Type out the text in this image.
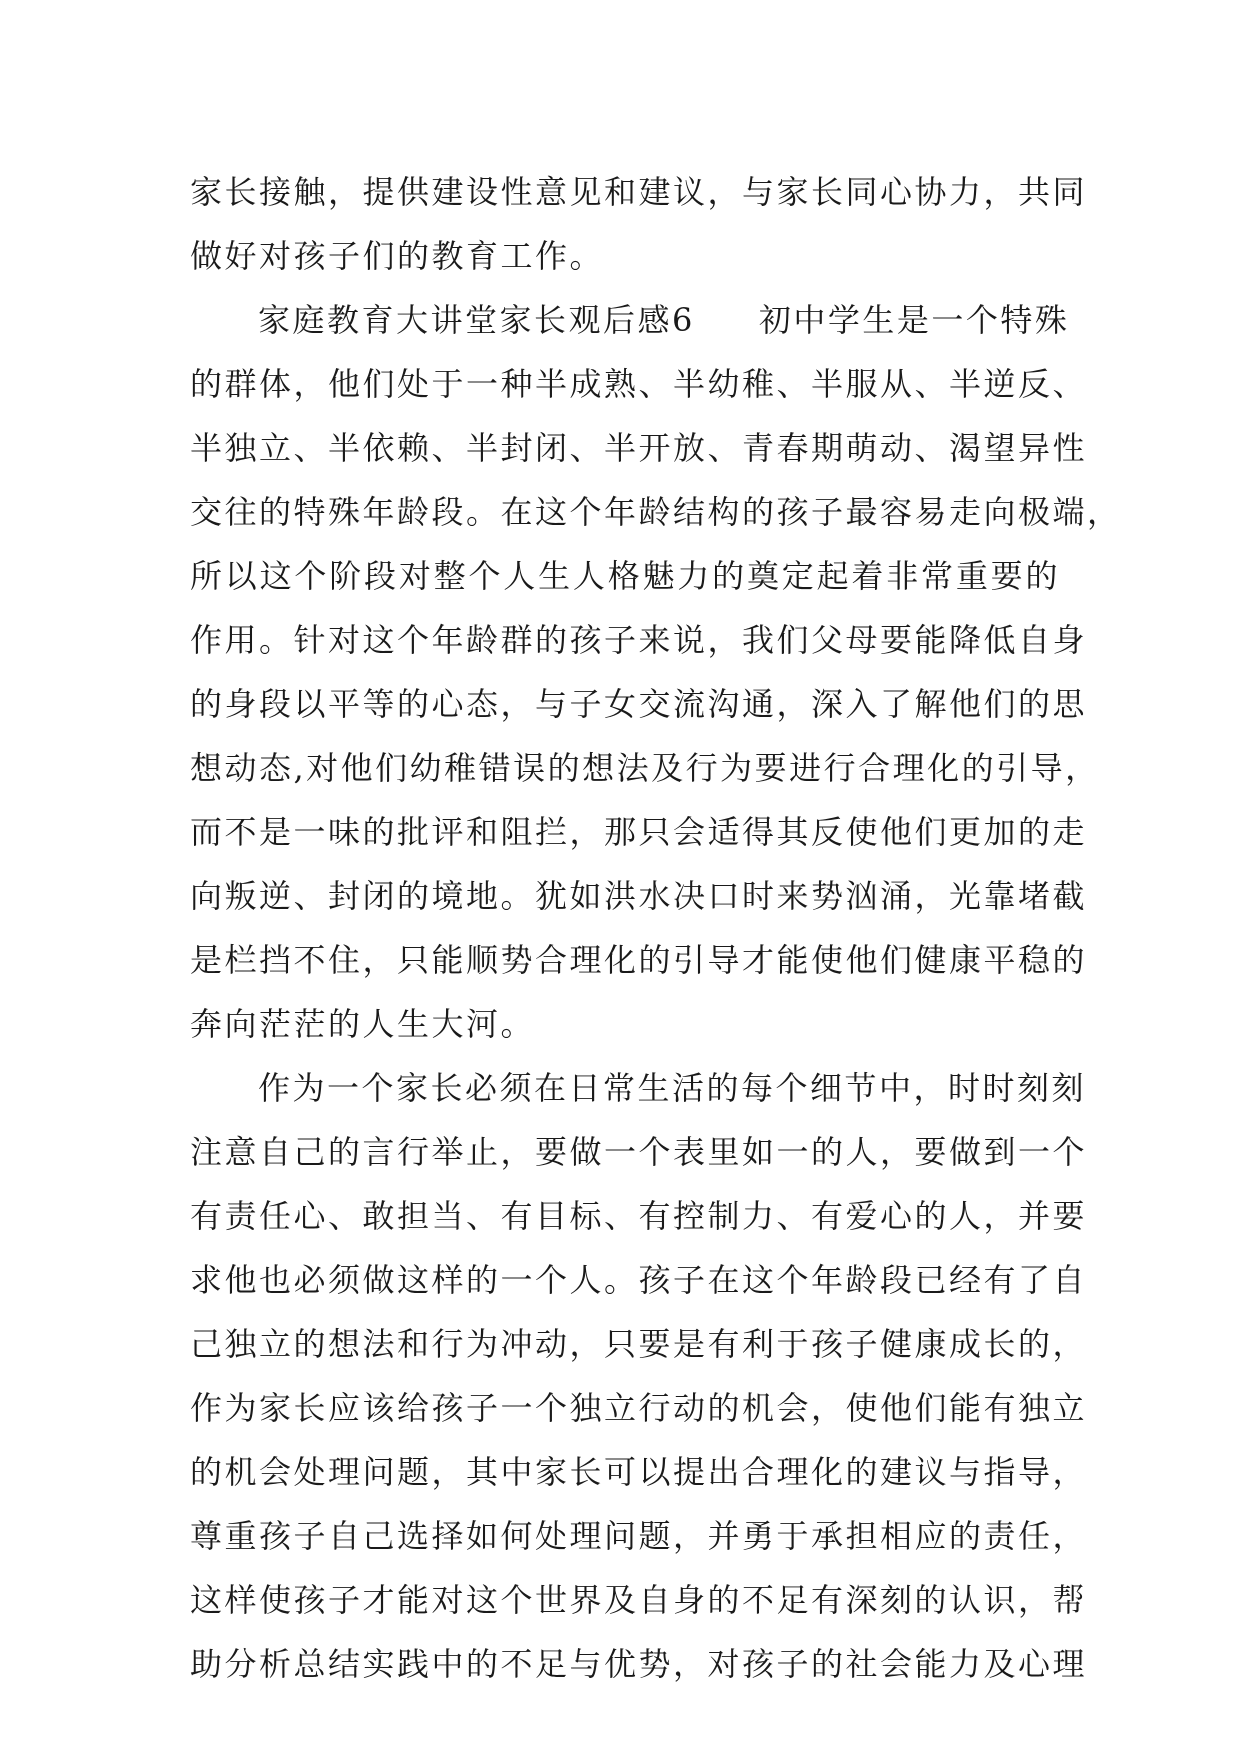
家长接触，提供建设性意见和建议，与家长同心协力，共同
做好对孩子们的教育工作。
家庭教育大讲堂家长观后感6 初中学生是一个特殊
的群体，他们处于一种半成熟、半幼稚、半服从、半逆反、
半独立、半依赖、半封闭、半开放、青春期萌动、渴望异性
交往的特殊年龄段。在这个年龄结构的孩子最容易走向极端，
所以这个阶段对整个人生人格魅力的奠定起着非常重要的
作用。针对这个年龄群的孩子来说，我们父母要能降低自身
的身段以平等的心态，与子女交流沟通，深入了解他们的思
想动态,对他们幼稚错误的想法及行为要进行合理化的引导，
而不是一味的批评和阻拦，那只会适得其反使他们更加的走
向叛逆、封闭的境地。犹如洪水决口时来势汹涌，光靠堵截
是栏挡不住，只能顺势合理化的引导才能使他们健康平稳的
奔向茫茫的人生大河。
作为一个家长必须在日常生活的每个细节中，时时刻刻
注意自己的言行举止，要做一个表里如一的人，要做到一个
有责任心、敢担当、有目标、有控制力、有爱心的人，并要
求他也必须做这样的一个人。孩子在这个年龄段已经有了自
己独立的想法和行为冲动，只要是有利于孩子健康成长的，
作为家长应该给孩子一个独立行动的机会，使他们能有独立
的机会处理问题，其中家长可以提出合理化的建议与指导，
尊重孩子自己选择如何处理问题，并勇于承担相应的责任，
这样使孩子才能对这个世界及自身的不足有深刻的认识，帮
助分析总结实践中的不足与优势，对孩子的社会能力及心理
